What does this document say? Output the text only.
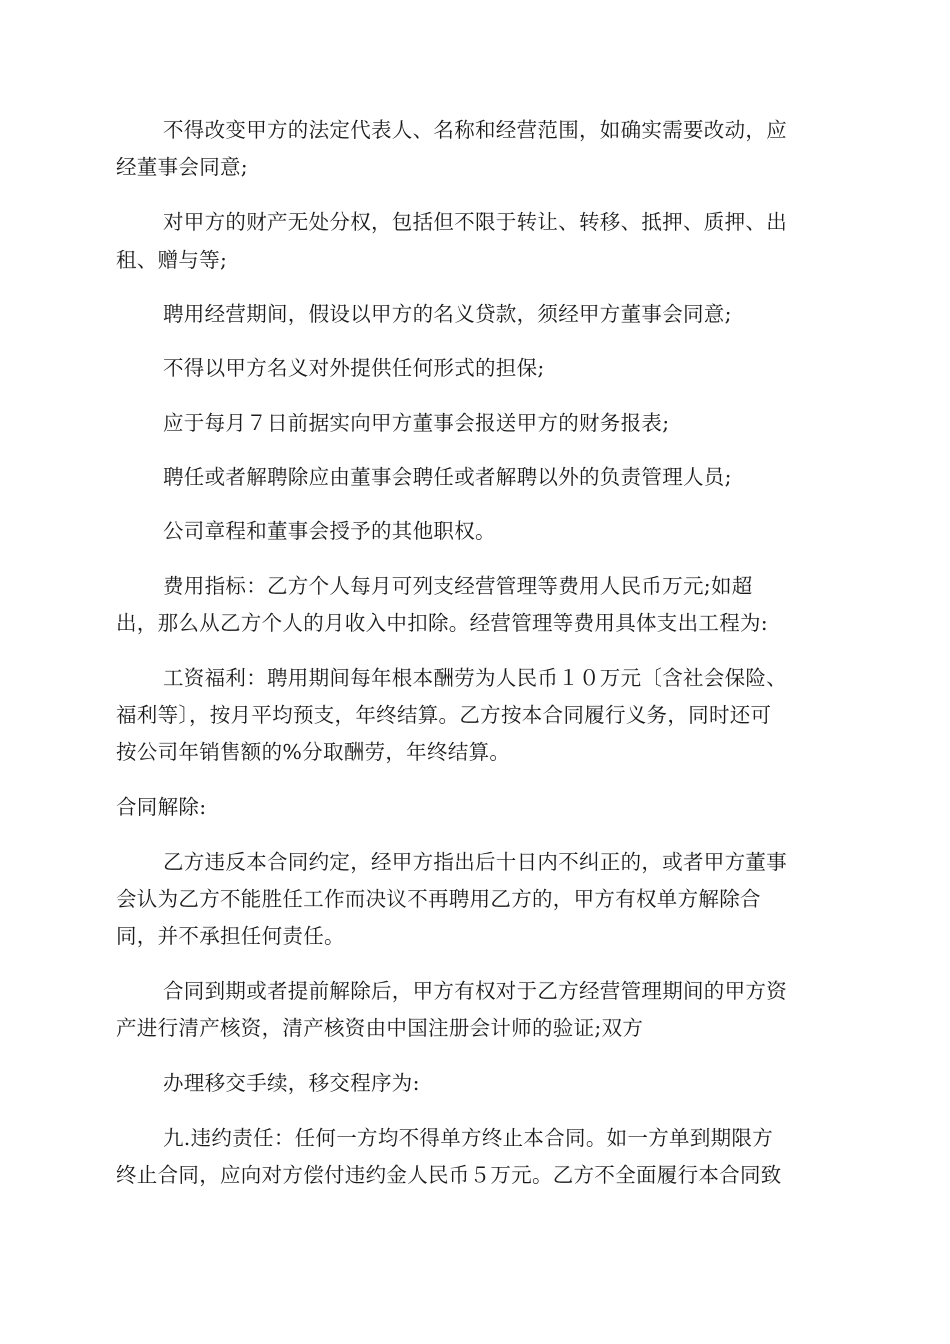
不得改变甲方的法定代表人、名称和经营范围，如确实需要改动，应
经董事会同意;
对甲方的财产无处分权，包括但不限于转让、转移、抵押、质押、出
租、赠与等;
聘用经营期间，假设以甲方的名义贷款，须经甲方董事会同意;
不得以甲方名义对外提供任何形式的担保;
应于每月７日前据实向甲方董事会报送甲方的财务报表;
聘任或者解聘除应由董事会聘任或者解聘以外的负责管理人员;
公司章程和董事会授予的其他职权。
费用指标：乙方个人每月可列支经营管理等费用人民币万元;如超
出，那么从乙方个人的月收入中扣除。经营管理等费用具体支出工程为:
工资福利：聘用期间每年根本酬劳为人民币１０万元〔含社会保险、
福利等〕，按月平均预支，年终结算。乙方按本合同履行义务，同时还可
按公司年销售额的%分取酬劳，年终结算。
合同解除:
乙方违反本合同约定，经甲方指出后十日内不纠正的，或者甲方董事
会认为乙方不能胜任工作而决议不再聘用乙方的，甲方有权单方解除合
同，并不承担任何责任。
合同到期或者提前解除后，甲方有权对于乙方经营管理期间的甲方资
产进行清产核资，清产核资由中国注册会计师的验证;双方
办理移交手续，移交程序为:
九.违约责任：任何一方均不得单方终止本合同。如一方单到期限方
终止合同，应向对方偿付违约金人民币５万元。乙方不全面履行本合同致
